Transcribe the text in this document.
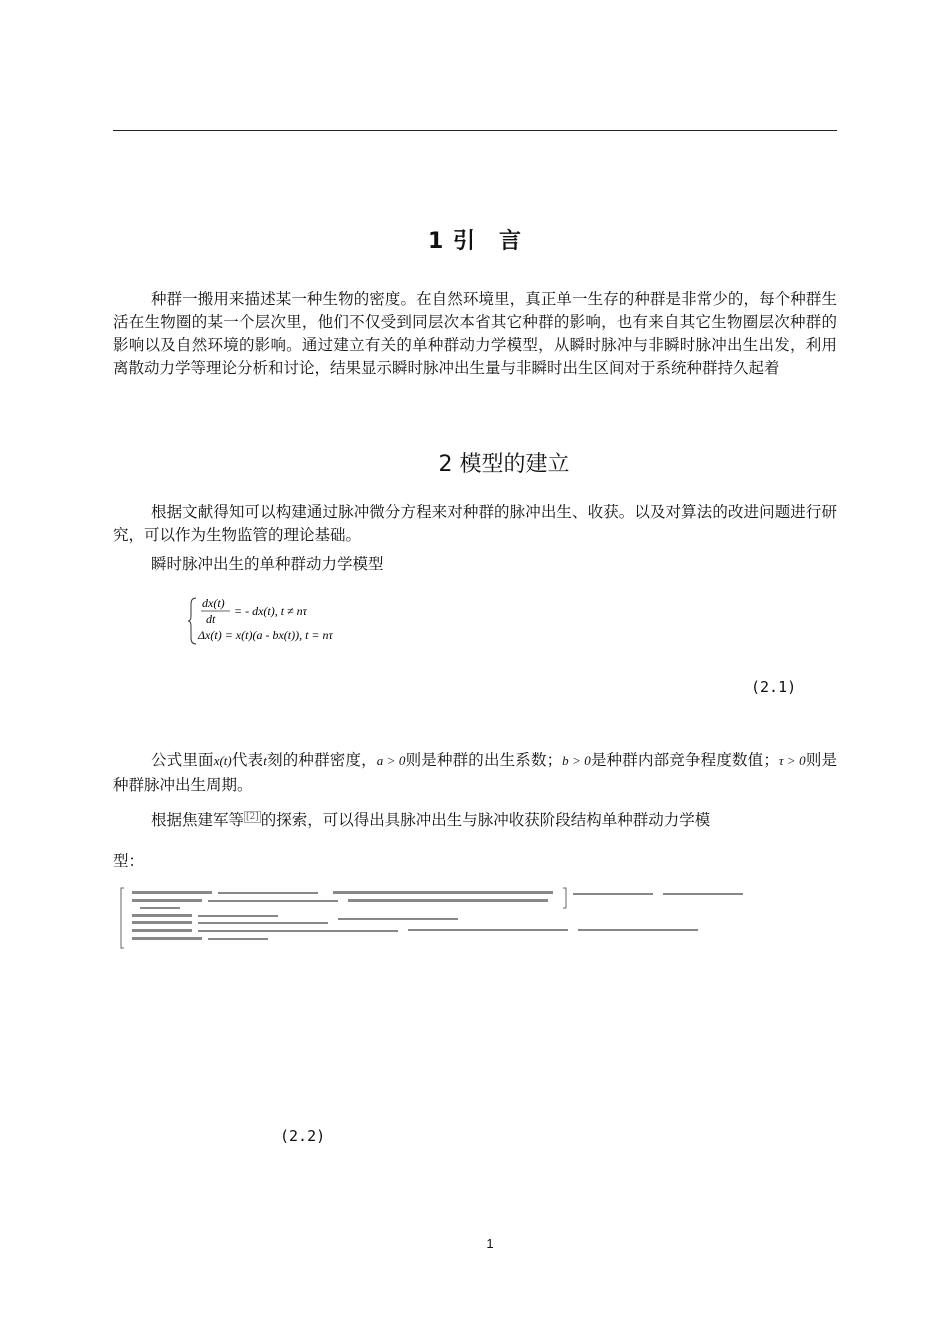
1 引　言

种群一搬用来描述某一种生物的密度。在自然环境里，真正单一生存的种群是非常少的，每个种群生活在生物圈的某一个层次里，他们不仅受到同层次本省其它种群的影响，也有来自其它生物圈层次种群的影响以及自然环境的影响。通过建立有关的单种群动力学模型，从瞬时脉冲与非瞬时脉冲出生出发，利用离散动力学等理论分析和讨论，结果显示瞬时脉冲出生量与非瞬时出生区间对于系统种群持久起着

2 模型的建立

根据文献得知可以构建通过脉冲微分方程来对种群的脉冲出生、收获。以及对算法的改进问题进行研究，可以作为生物监管的理论基础。

瞬时脉冲出生的单种群动力学模型
dx(t)
dt
= - dx(t), t ≠ nτ
Δx(t) = x(t)(a - bx(t)), t = nτ
(2.1)

公式里面x(t)代表t刻的种群密度，a > 0则是种群的出生系数；b > 0是种群内部竞争程度数值；τ > 0则是种群脉冲出生周期。

根据焦建军等 [2] 的探索，可以得出具脉冲出生与脉冲收获阶段结构单种群动力学模

型：
(2.2)
1
